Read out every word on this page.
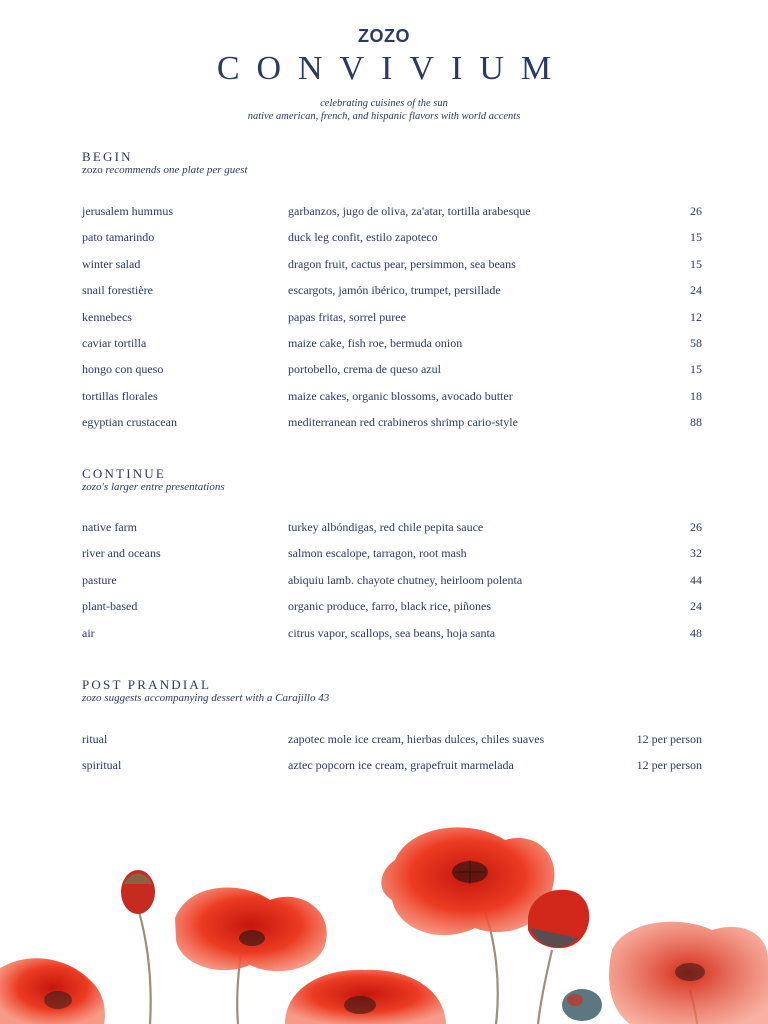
ZOZO
CONVIVIUM
celebrating cuisines of the sun
native american, french, and hispanic flavors with world accents
BEGIN
zozo recommends one plate per guest
jerusalem hummus	garbanzos, jugo de oliva, za'atar, tortilla arabesque	26
pato tamarindo	duck leg confit, estilo zapoteco	15
winter salad	dragon fruit, cactus pear, persimmon, sea beans	15
snail forestière	escargots, jamón ibérico, trumpet, persillade	24
kennebecs	papas fritas, sorrel puree	12
caviar tortilla	maize cake, fish roe, bermuda onion	58
hongo con queso	portobello, crema de queso azul	15
tortillas florales	maize cakes, organic blossoms, avocado butter	18
egyptian crustacean	mediterranean red crabineros shrimp cario-style	88
CONTINUE
zozo's larger entre presentations
native farm	turkey albóndigas, red chile pepita sauce	26
river and oceans	salmon escalope, tarragon, root mash	32
pasture	abiquiu lamb. chayote chutney, heirloom polenta	44
plant-based	organic produce, farro, black rice, piñones	24
air	citrus vapor, scallops, sea beans, hoja santa	48
POST PRANDIAL
zozo suggests accompanying dessert with a Carajillo 43
ritual	zapotec mole ice cream, hierbas dulces, chiles suaves	12 per person
spiritual	aztec popcorn ice cream, grapefruit marmelada	12 per person
